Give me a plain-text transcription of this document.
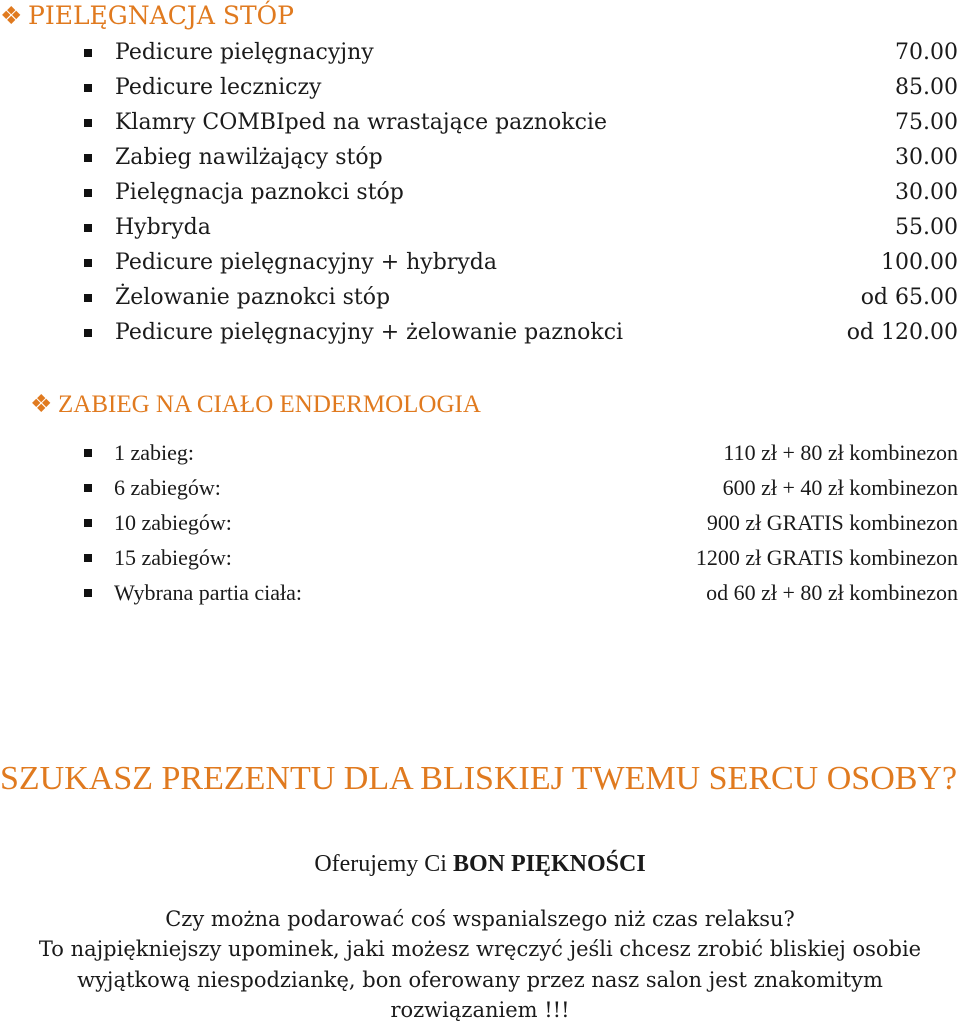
❖ PIELĘGNACJA STÓP
Pedicure pielęgnacyjny	70.00
Pedicure leczniczy	85.00
Klamry COMBIped na wrastające paznokcie	75.00
Zabieg nawilżający stóp	30.00
Pielęgnacja paznokci stóp	30.00
Hybryda	55.00
Pedicure pielęgnacyjny + hybryda	100.00
Żelowanie paznokci stóp	od 65.00
Pedicure pielęgnacyjny + żelowanie paznokci	od 120.00
❖ ZABIEG NA CIAŁO ENDERMOLOGIA
1 zabieg:	110 zł + 80 zł kombinezon
6 zabiegów:	600 zł + 40 zł kombinezon
10 zabiegów:	900 zł GRATIS kombinezon
15 zabiegów:	1200 zł GRATIS kombinezon
Wybrana partia ciała:	od 60 zł + 80 zł kombinezon
SZUKASZ PREZENTU DLA BLISKIEJ TWEMU SERCU OSOBY?
Oferujemy Ci BON PIĘKNOŚCI
Czy można podarować coś wspanialszego niż czas relaksu?
To najpiękniejszy upominek, jaki możesz wręczyć jeśli chcesz zrobić bliskiej osobie
wyjątkową niespodziankę, bon oferowany przez nasz salon jest znakomitym
rozwiązaniem !!!
